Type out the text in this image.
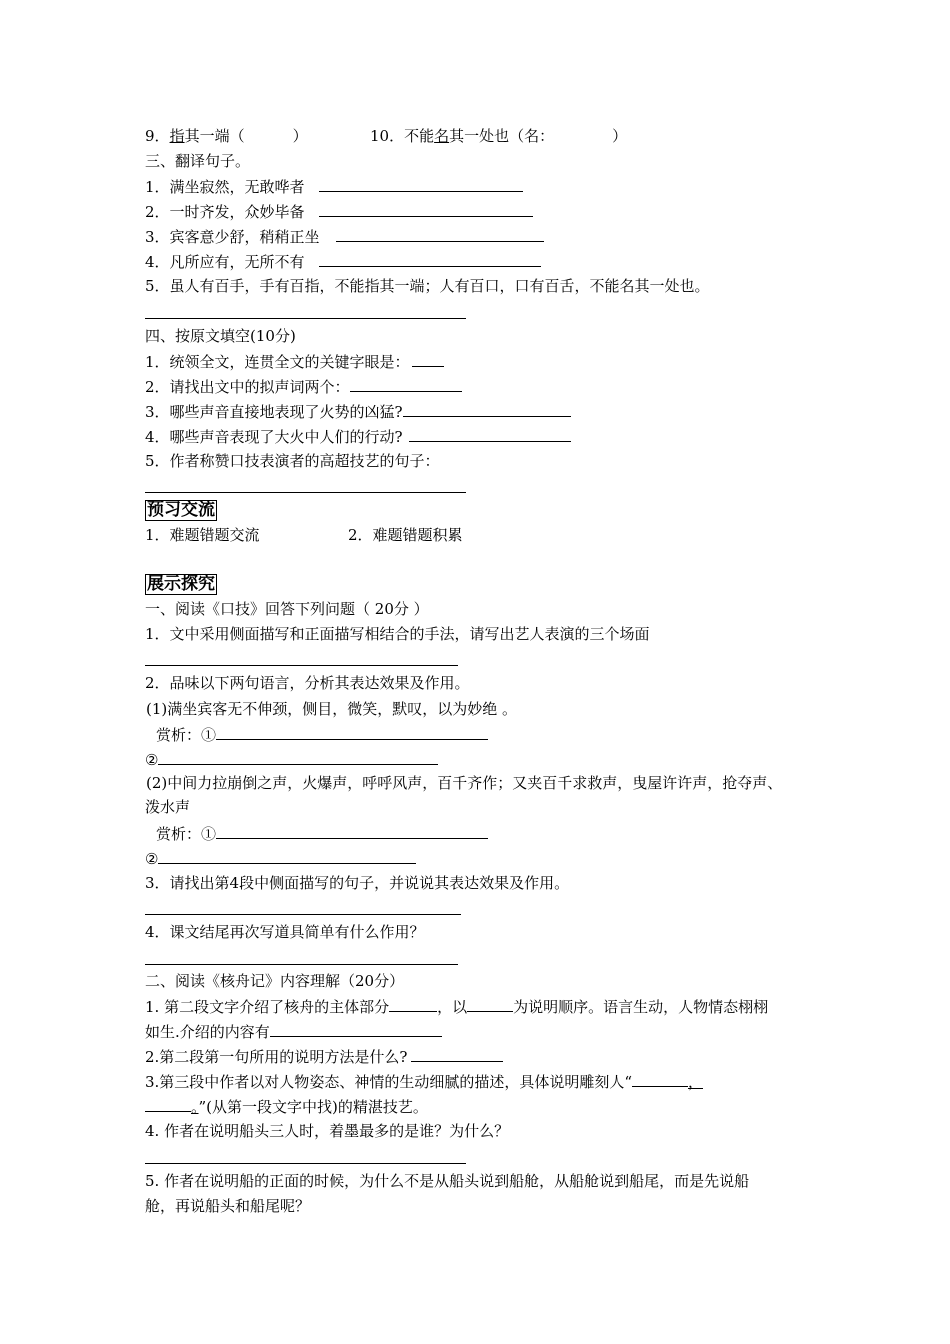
9．指其一端（	）	10．不能名其一处也（名：	）
三、翻译句子。
1．满坐寂然，无敢哗者
2．一时齐发，众妙毕备
3．宾客意少舒，稍稍正坐
4．凡所应有，无所不有
5．虽人有百手，手有百指，不能指其一端；人有百口，口有百舌，不能名其一处也。
四、按原文填空(10分)
1．统领全文，连贯全文的关键字眼是：
2．请找出文中的拟声词两个：
3．哪些声音直接地表现了火势的凶猛?
4．哪些声音表现了大火中人们的行动?
5．作者称赞口技表演者的高超技艺的句子：
预习交流
1．难题错题交流	2．难题错题积累
展示探究
一、阅读《口技》回答下列问题（ 20分 ）
1．文中采用侧面描写和正面描写相结合的手法，请写出艺人表演的三个场面
2．品味以下两句语言，分析其表达效果及作用。
(1)满坐宾客无不伸颈，侧目，微笑，默叹，以为妙绝 。
赏析：①
②
(2)中间力拉崩倒之声，火爆声，呼呼风声，百千齐作；又夹百千求救声，曳屋许许声，抢夺声、
泼水声
赏析：①
②
3．请找出第4段中侧面描写的句子，并说说其表达效果及作用。
4．课文结尾再次写道具简单有什么作用？
二、阅读《核舟记》内容理解（20分）
1. 第二段文字介绍了核舟的主体部分	，以	为说明顺序。语言生动，人物情态栩栩
如生.介绍的内容有
2.第二段第一句所用的说明方法是什么?
3.第三段中作者以对人物姿态、神情的生动细腻的描述，具体说明雕刻人“	，
。”(从第一段文字中找)的精湛技艺。
4. 作者在说明船头三人时，着墨最多的是谁？为什么？
5. 作者在说明船的正面的时候，为什么不是从船头说到船舱，从船舱说到船尾，而是先说船
舱，再说船头和船尾呢？
